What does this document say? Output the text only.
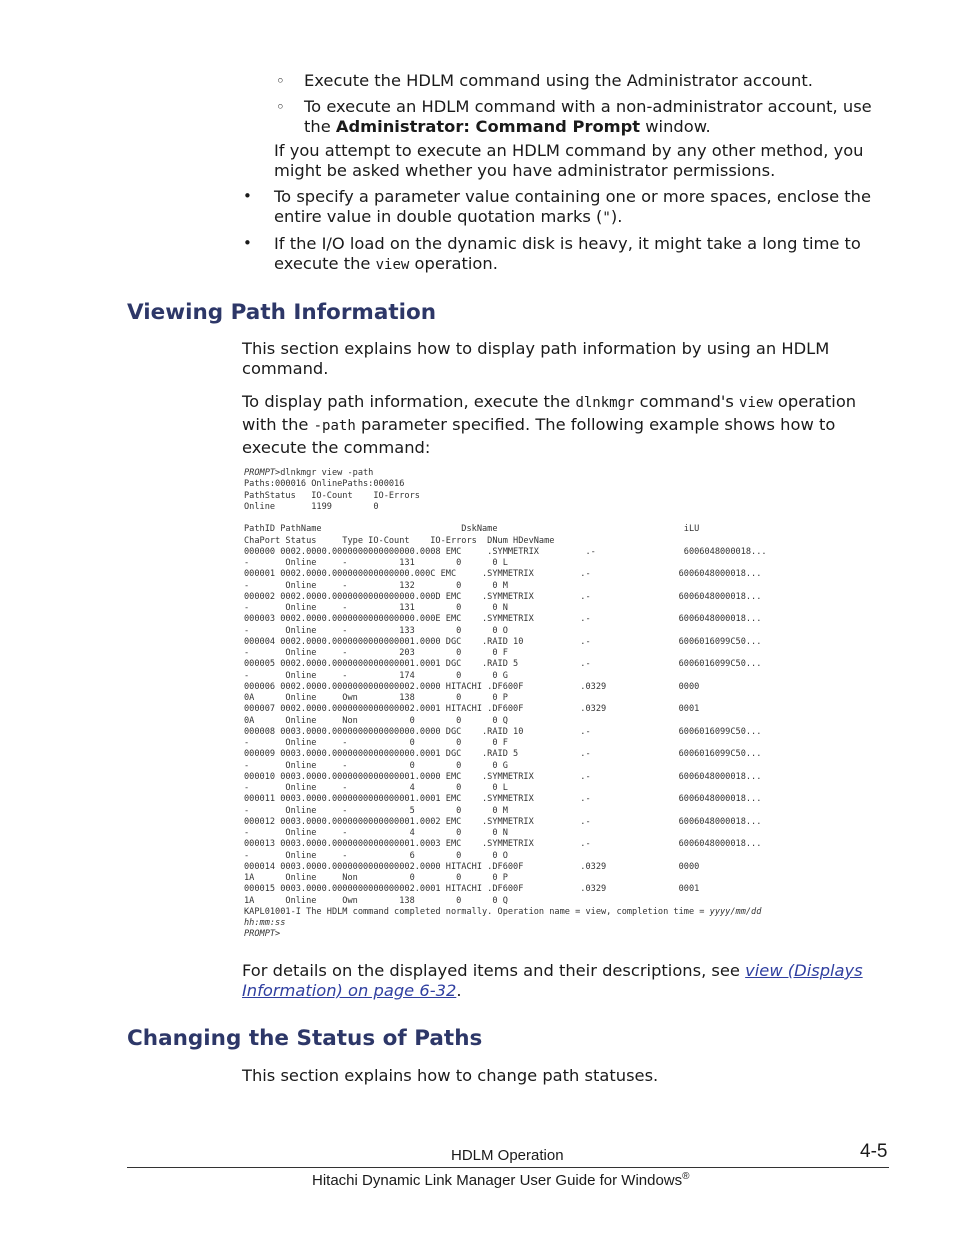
◦ Execute the HDLM command using the Administrator account.
◦ To execute an HDLM command with a non-administrator account, use the Administrator: Command Prompt window.
If you attempt to execute an HDLM command by any other method, you might be asked whether you have administrator permissions.
• To specify a parameter value containing one or more spaces, enclose the entire value in double quotation marks (").
• If the I/O load on the dynamic disk is heavy, it might take a long time to execute the view operation.
Viewing Path Information
This section explains how to display path information by using an HDLM command.
To display path information, execute the dlnkmgr command's view operation with the -path parameter specified. The following example shows how to execute the command:
PROMPT>dlnkmgr view -path
Paths:000016 OnlinePaths:000016
PathStatus   IO-Count    IO-Errors
Online       1199        0

PathID PathName                           DskName                                    iLU
ChaPort Status     Type IO-Count    IO-Errors  DNum HDevName
000000 0002.0000.0000000000000000.0008 EMC     .SYMMETRIX         .-                 6006048000018...
-       Online     -          131        0      0 L
000001 0002.0000.000000000000000.000C EMC     .SYMMETRIX         .-                 6006048000018...
-       Online     -          132        0      0 M
000002 0002.0000.0000000000000000.000D EMC    .SYMMETRIX         .-                 6006048000018...
-       Online     -          131        0      0 N
000003 0002.0000.0000000000000000.000E EMC    .SYMMETRIX         .-                 6006048000018...
-       Online     -          133        0      0 O
000004 0002.0000.0000000000000001.0000 DGC    .RAID 10           .-                 6006016099C50...
-       Online     -          203        0      0 F
000005 0002.0000.0000000000000001.0001 DGC    .RAID 5            .-                 6006016099C50...
-       Online     -          174        0      0 G
000006 0002.0000.0000000000000002.0000 HITACHI .DF600F           .0329              0000
0A      Online     Own        138        0      0 P
000007 0002.0000.0000000000000002.0001 HITACHI .DF600F           .0329              0001
0A      Online     Non          0        0      0 Q
000008 0003.0000.0000000000000000.0000 DGC    .RAID 10           .-                 6006016099C50...
-       Online     -            0        0      0 F
000009 0003.0000.0000000000000000.0001 DGC    .RAID 5            .-                 6006016099C50...
-       Online     -            0        0      0 G
000010 0003.0000.0000000000000001.0000 EMC    .SYMMETRIX         .-                 6006048000018...
-       Online     -            4        0      0 L
000011 0003.0000.0000000000000001.0001 EMC    .SYMMETRIX         .-                 6006048000018...
-       Online     -            5        0      0 M
000012 0003.0000.0000000000000001.0002 EMC    .SYMMETRIX         .-                 6006048000018...
-       Online     -            4        0      0 N
000013 0003.0000.0000000000000001.0003 EMC    .SYMMETRIX         .-                 6006048000018...
-       Online     -            6        0      0 O
000014 0003.0000.0000000000000002.0000 HITACHI .DF600F           .0329              0000
1A      Online     Non          0        0      0 P
000015 0003.0000.0000000000000002.0001 HITACHI .DF600F           .0329              0001
1A      Online     Own        138        0      0 Q
KAPL01001-I The HDLM command completed normally. Operation name = view, completion time = yyyy/mm/dd
hh:mm:ss
PROMPT>
For details on the displayed items and their descriptions, see view (Displays Information) on page 6-32.
Changing the Status of Paths
This section explains how to change path statuses.
HDLM Operation	4-5
Hitachi Dynamic Link Manager User Guide for Windows®
